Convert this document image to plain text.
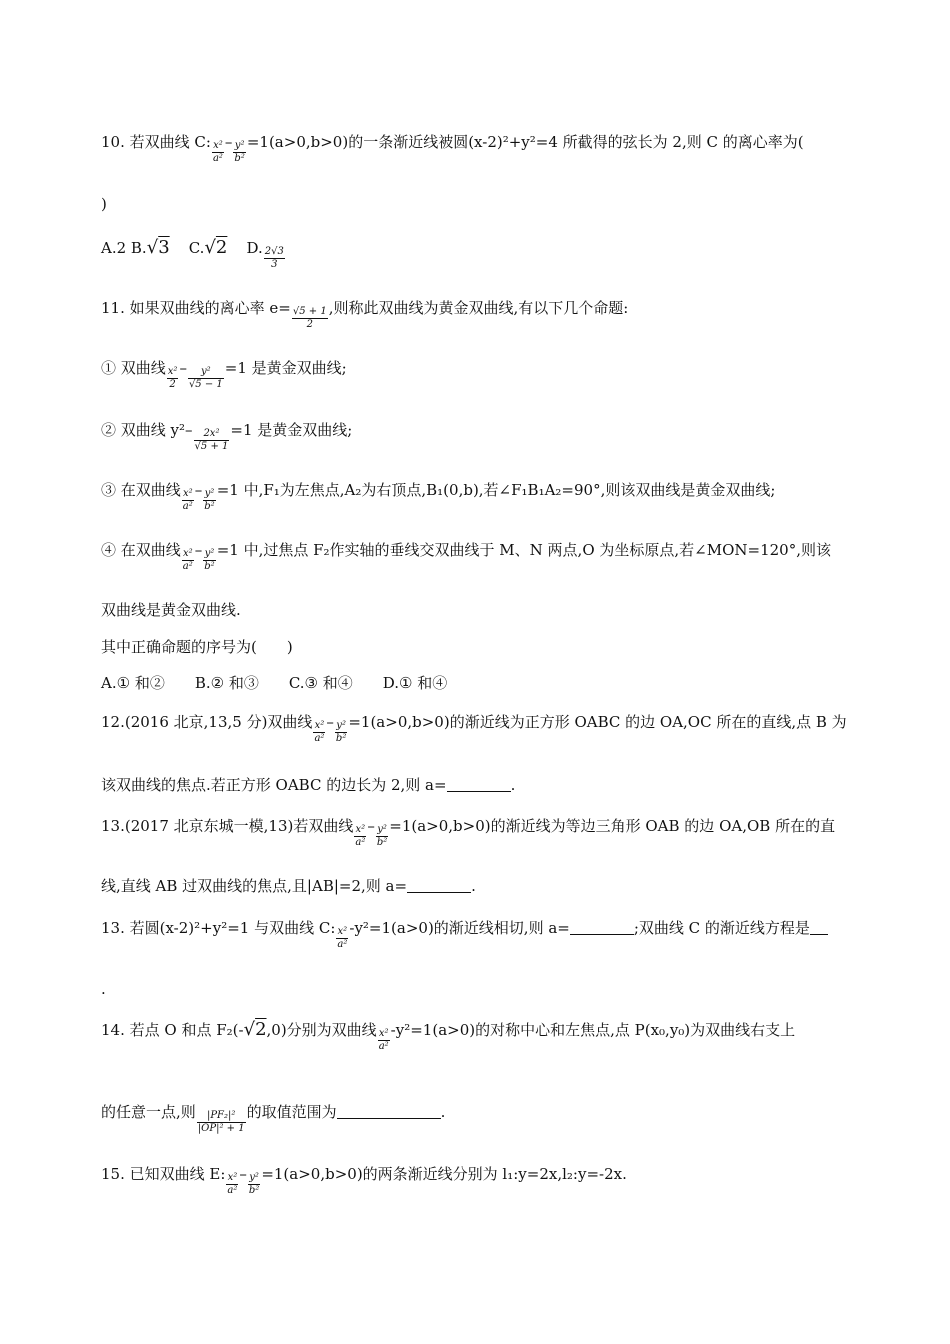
10. 若双曲线 C: $\frac{\text{x²}}{\text{a²}} - \frac{\text{y²}}{\text{b²}} =1(a>0,b>0)$的一条渐近线被圆(x-2)²+y²=4 所截得的弦长为 2,则 C 的离心率为(
)
A.2 B.√3 C.√2 D. $\frac{2√3}{3}$
11. 如果双曲线的离心率 $e= \frac{√5 + 1}{2}$ ,则称此双曲线为黄金双曲线,有以下几个命题:
① 双曲线 $\frac{\text{x²}}{2} - \frac{\text{y²}}{√5 - 1} =1$ 是黄金双曲线;
② 双曲线 $y^2- \frac{\text{2x²}}{√5 + 1} =1$ 是黄金双曲线;
③ 在双曲线 $\frac{\text{x²}}{\text{a²}} - \frac{\text{y²}}{\text{b²}} =1$ 中,F₁为左焦点,A₂为右顶点,B₁(0,b),若∠F₁B₁A₂=90°,则该双曲线是黄金双曲线;
④ 在双曲线 $\frac{\text{x²}}{\text{a²}} - \frac{\text{y²}}{\text{b²}} =1$ 中,过焦点 F₂作实轴的垂线交双曲线于 M、N 两点,O 为坐标原点,若∠MON=120°,则该
双曲线是黄金双曲线.
其中正确命题的序号为(　　)
A.① 和②　　B.② 和③　　C.③ 和④　　D.① 和④
12.(2016 北京,13,5 分)双曲线 $\frac{\text{x²}}{\text{a²}} - \frac{\text{y²}}{\text{b²}} =1(a>0,b>0)$的渐近线为正方形 OABC 的边 OA,OC 所在的直线,点 B 为
该双曲线的焦点.若正方形 OABC 的边长为 2,则 a=	.
13.(2017 北京东城一模,13)若双曲线 $\frac{\text{x²}}{\text{a²}} - \frac{\text{y²}}{\text{b²}} =1(a>0,b>0)$的渐近线为等边三角形 OAB 的边 OA,OB 所在的直
线,直线 AB 过双曲线的焦点,且|AB|=2,则 a=	.
13. 若圆(x-2)²+y²=1 与双曲线 C: $\frac{\text{x²}}{\text{a²}} -y^2=1(a>0)$的渐近线相切,则 a=	;双曲线 C 的渐近线方程是
.
14. 若点 O 和点 F₂(-√2,0)分别为双曲线 $\frac{\text{x²}}{\text{a²}} -y^2=1(a>0)$的对称中心和左焦点,点 P(x₀,y₀)为双曲线右支上
的任意一点,则 $\frac{\text{|PF₂|²}}{\text{|OP|² + 1}}$ 的取值范围为	.
15. 已知双曲线 E: $\frac{\text{x²}}{\text{a²}} - \frac{\text{y²}}{\text{b²}} =1(a>0,b>0)$的两条渐近线分别为 l₁:y=2x,l₂:y=-2x.
